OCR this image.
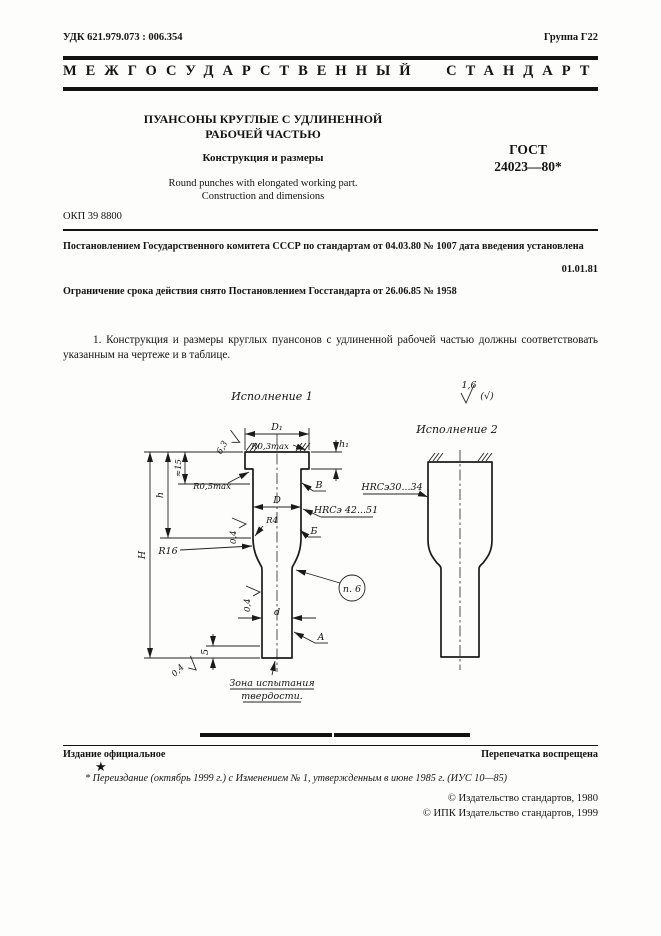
УДК 621.979.073 : 006.354	Группа Г22
МЕЖГОСУДАРСТВЕННЫЙ СТАНДАРТ
ПУАНСОНЫ КРУГЛЫЕ С УДЛИНЕННОЙ
РАБОЧЕЙ ЧАСТЬЮ
Конструкция и размеры
Round punches with elongated working part.
Construction and dimensions
ГОСТ
24023—80*
ОКП 39 8800
Постановлением Государственного комитета СССР по стандартам от 04.03.80 № 1007 дата введения установлена
01.01.81
Ограничение срока действия снято Постановлением Госстандарта от 26.06.85 № 1958
1. Конструкция и размеры круглых пуансонов с удлиненной рабочей частью должны соответствовать указанным на чертеже и в таблице.
Исполнение 1
Исполнение 2
1,6
(√)
D₁
h₁
R0,3max
R0,5max
≈15
h
H
D
R4
R16
HRCэ 42...51
Б
В
п. 6
d
А
5
6,3
0,4
0,4
0,4
HRCэ30...34
Зона испытания
твердости.
Издание официальное	Перепечатка воспрещена
★
* Переиздание (октябрь 1999 г.) с Изменением № 1, утвержденным в июне 1985 г. (ИУС 10—85)
© Издательство стандартов, 1980
© ИПК Издательство стандартов, 1999
